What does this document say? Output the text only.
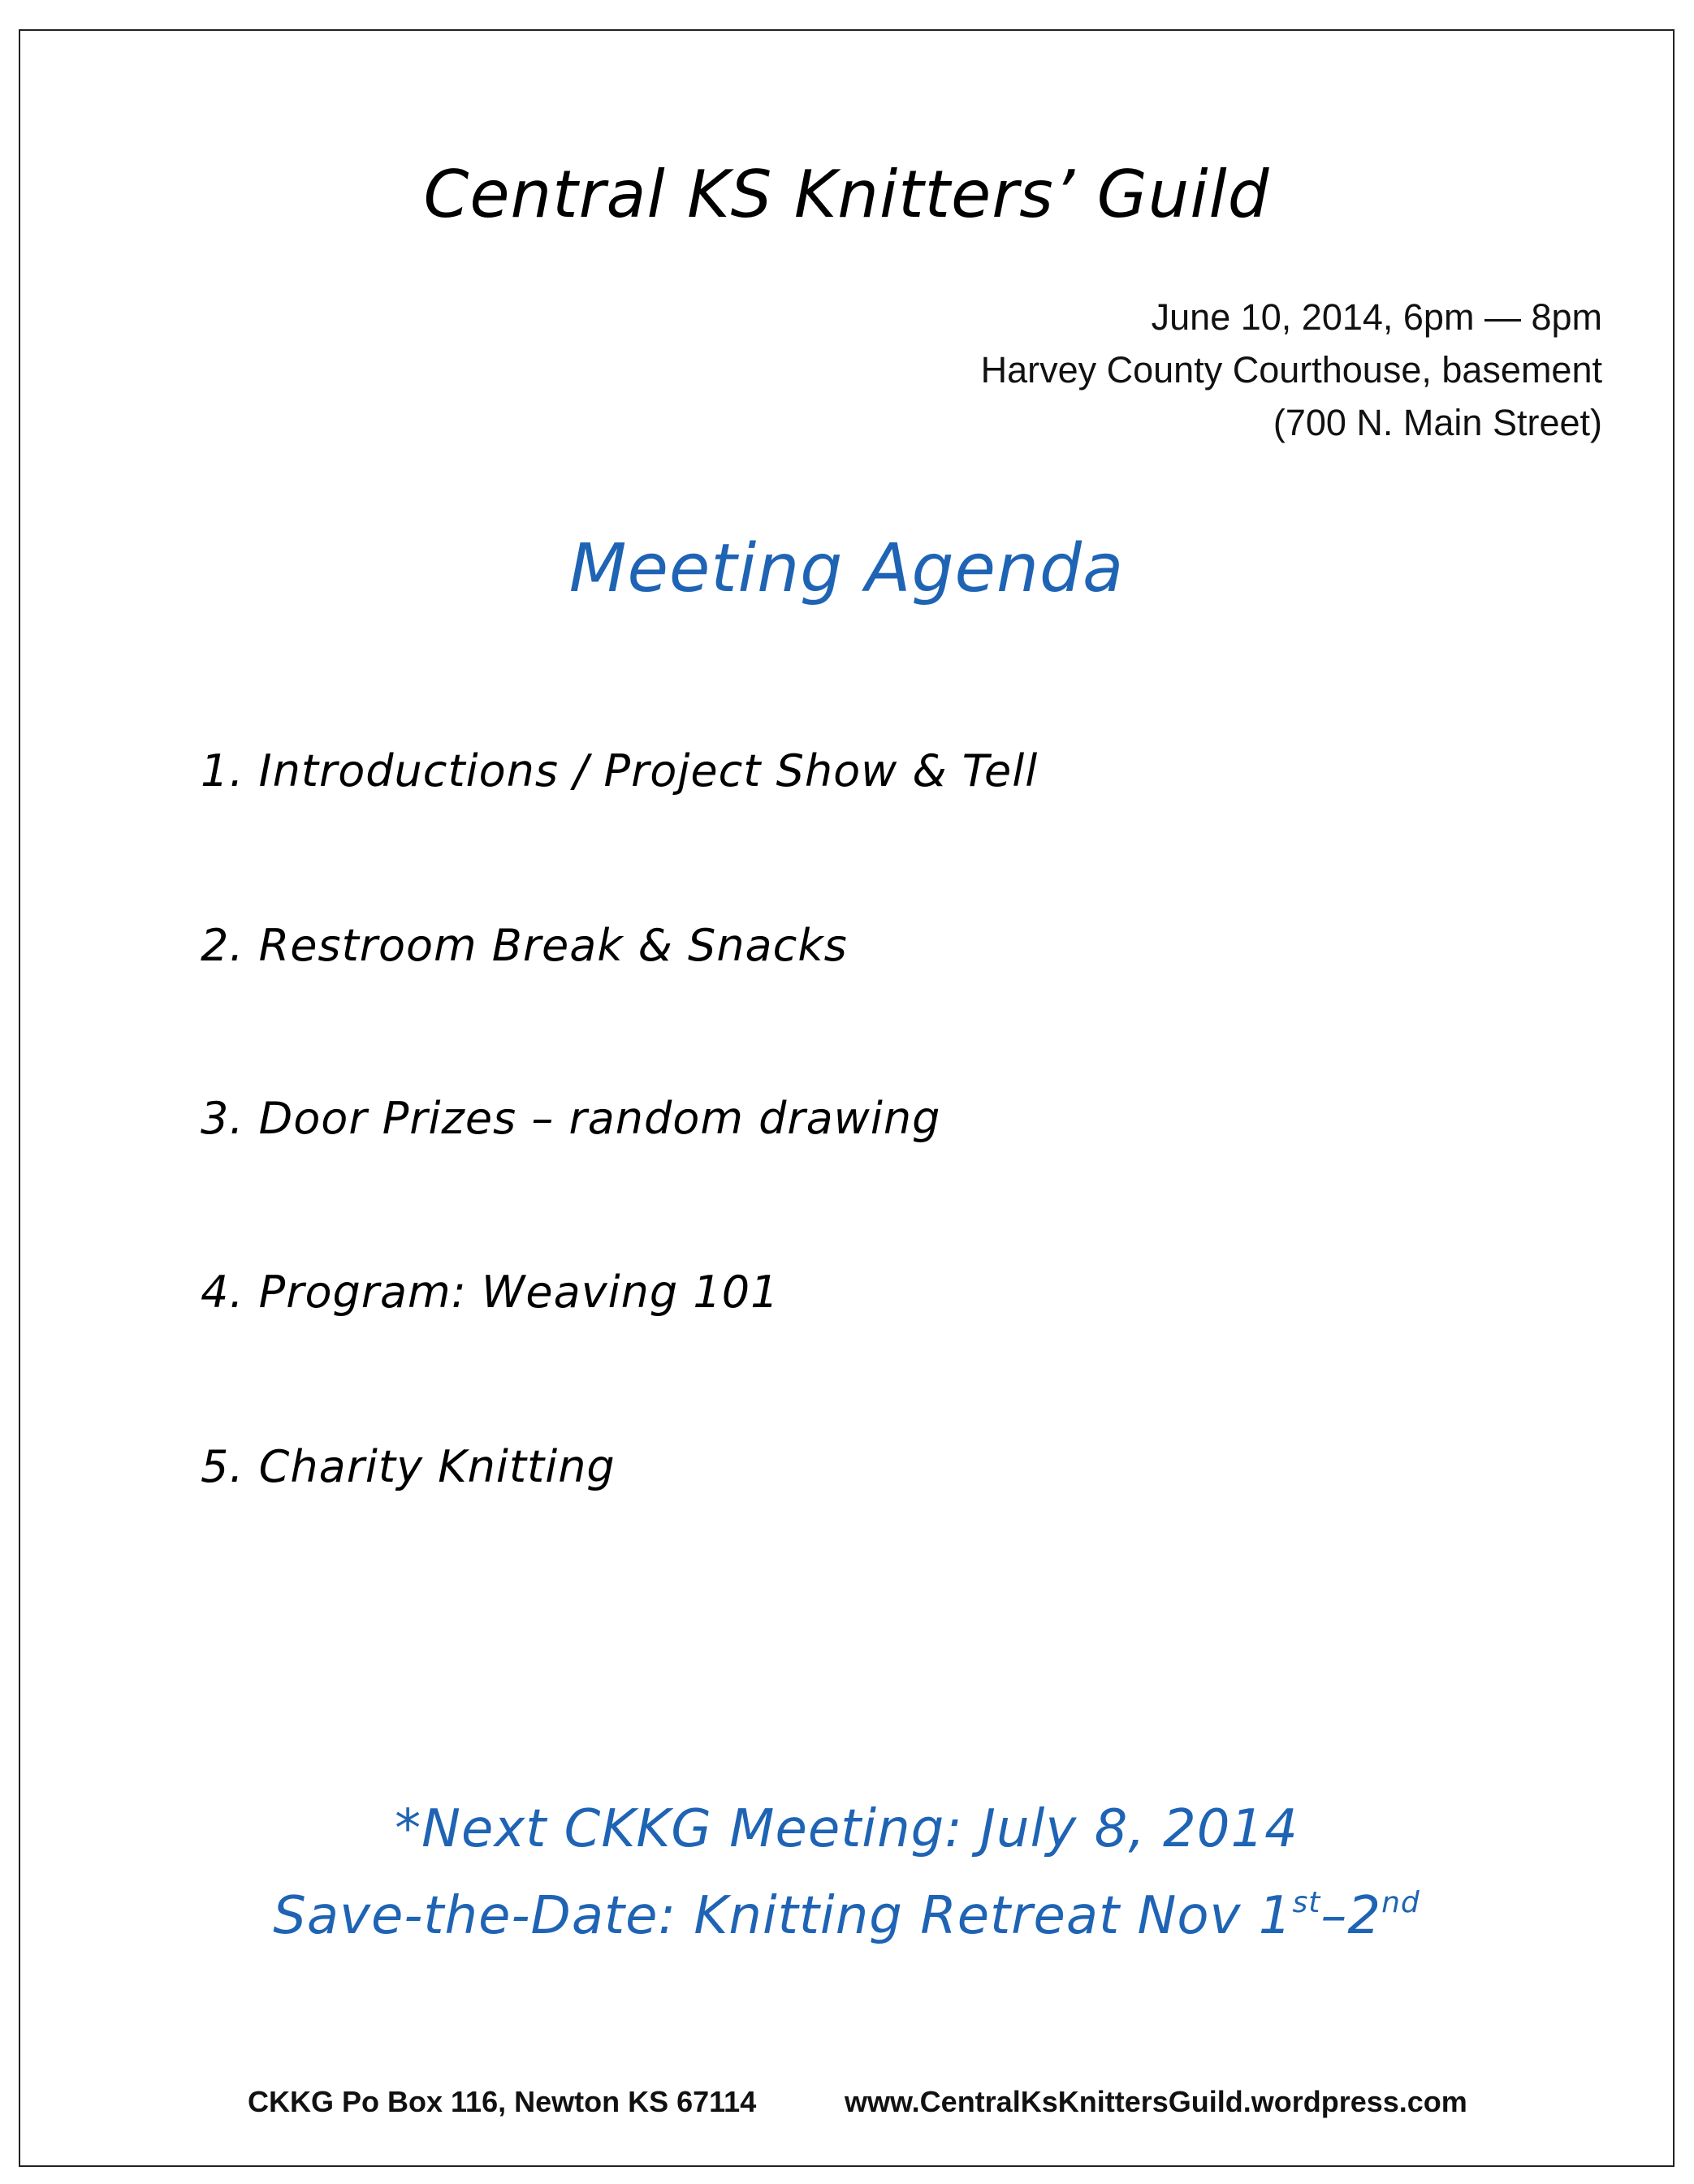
Central KS Knitters’ Guild
June 10, 2014, 6pm — 8pm
Harvey County Courthouse, basement
(700 N. Main Street)
Meeting Agenda
1. Introductions / Project Show & Tell
2. Restroom Break & Snacks
3. Door Prizes – random drawing
4. Program: Weaving 101
5. Charity Knitting
*Next CKKG Meeting: July 8, 2014
Save-the-Date: Knitting Retreat Nov 1st–2nd
CKKG Po Box 116, Newton KS 67114	www.CentralKsKnittersGuild.wordpress.com
